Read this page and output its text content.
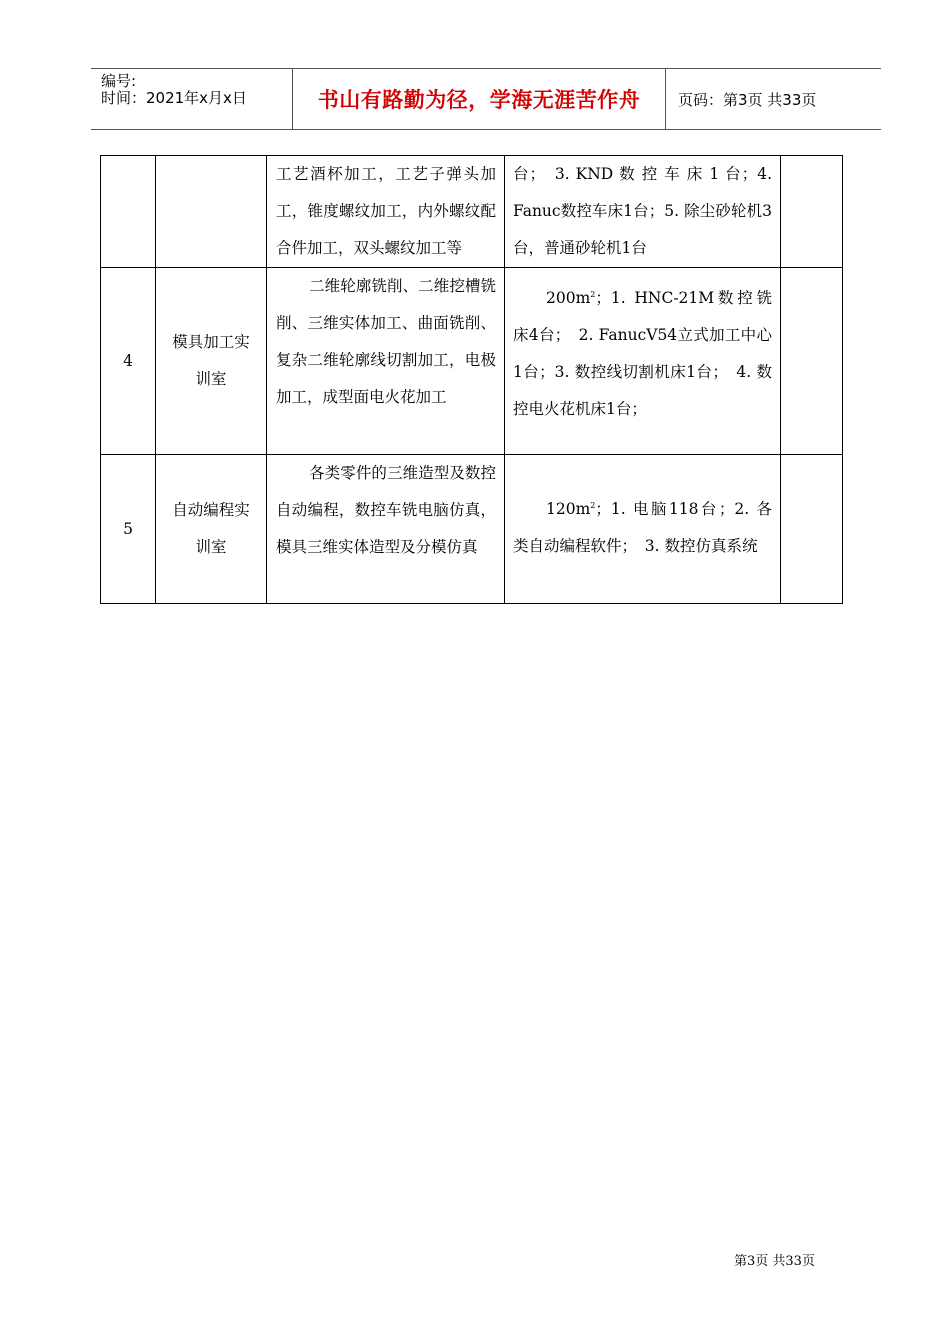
编号:
时间：2021年x月x日	书山有路勤为径，学海无涯苦作舟	页码：第3页 共33页
		工艺酒杯加工，工艺子弹头加工，锥度螺纹加工，内外螺纹配合件加工，双头螺纹加工等	台；　3. KND 数 控 车 床 1 台；4. Fanuc数控车床1台；5. 除尘砂轮机3台，普通砂轮机1台	
4	模具加工实训室	二维轮廓铣削、二维挖槽铣削、三维实体加工、曲面铣削、复杂二维轮廓线切割加工，电极加工，成型面电火花加工	$200m^2$；1. HNC-21M数控铣床4台；　2. FanucV54立式加工中心1台；3. 数控线切割机床1台；　4. 数控电火花机床1台；	
5	自动编程实训室	各类零件的三维造型及数控自动编程，数控车铣电脑仿真，模具三维实体造型及分模仿真	$120m^2$；1. 电脑118台；2. 各类自动编程软件；　3. 数控仿真系统	
第3页 共33页
